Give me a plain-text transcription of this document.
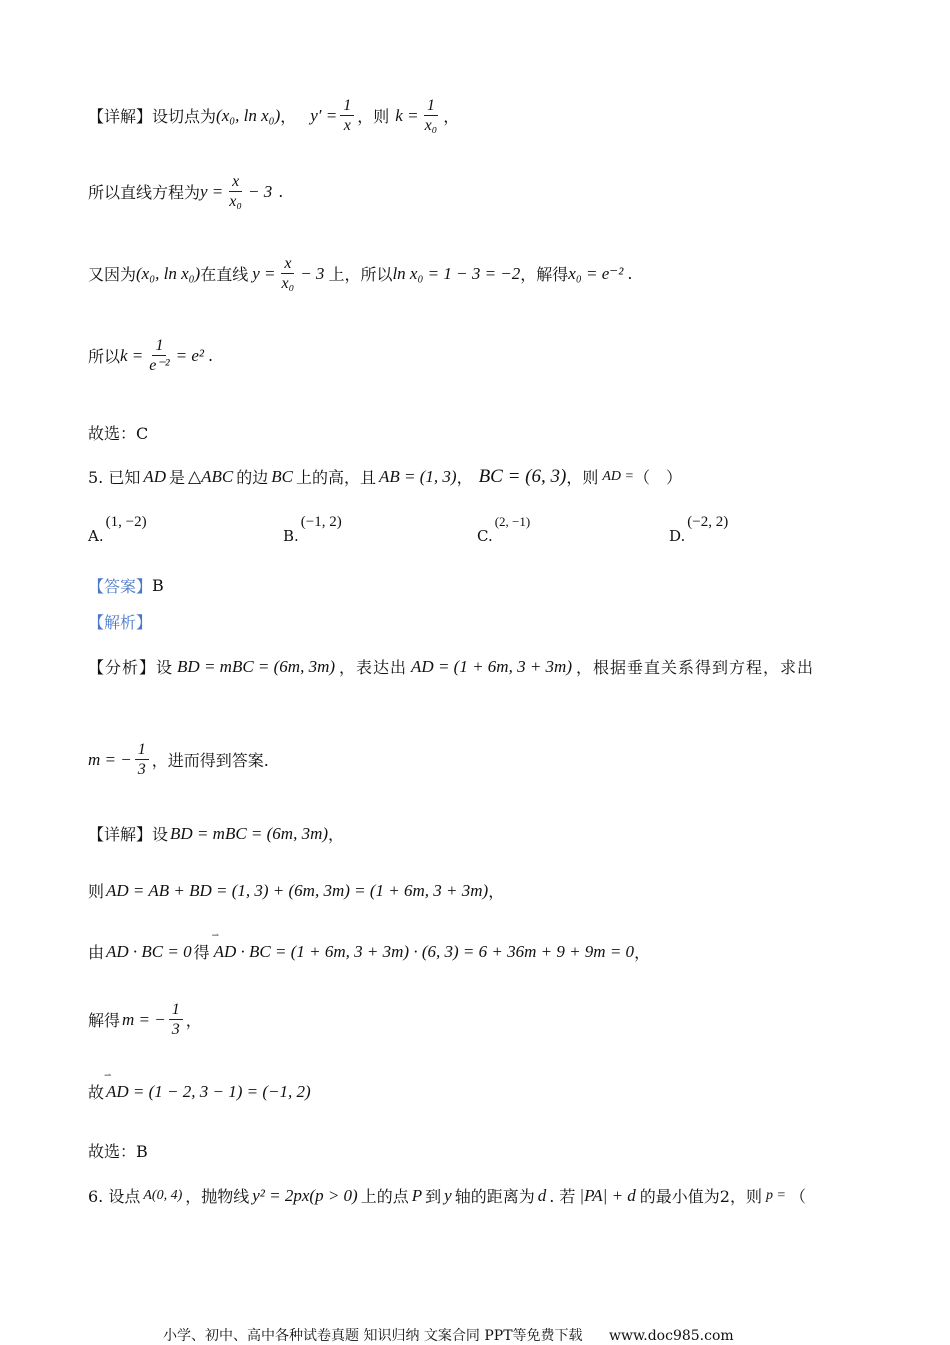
【详解】 设切点为 (x₀, ln x₀) ， $y' = \frac{1}{x}$ ，则 $k = \frac{1}{\text{x₀}}$ ，
所以直线方程为 $y = \frac{x}{\text{x₀}} - 3$ .
又因为 (x₀, ln x₀) 在直线 $y = \frac{x}{\text{x₀}} - 3$ 上，所以 ln x₀ = 1 − 3 = −2 ，解得 x₀ = e⁻² .
所以 $k = \frac{1}{\text{e⁻²}} = e^2$ .
故选：C
5. 已知 AD 是 △ABC 的边 BC 上的高，且 AB = (1, 3) ， BC = (6, 3) ，则 AD = （　）
A.
(1, −2)
B.
(−1, 2)
C.
(2, −1)
D.
(−2, 2)
【答案】 B
【解析】
【分析】 设 BD = mBC = (6m, 3m) ，表达出 AD = (1 + 6m, 3 + 3m) ，根据垂直关系得到方程，求出
m = − $\frac{1}{3}$ ，进而得到答案.
【详解】 设 BD = mBC = (6m, 3m) ，
则 AD = AB + BD = (1, 3) + (6m, 3m) = (1 + 6m, 3 + 3m) ，
由 AD · BC = 0 得 ⇀ AD · BC = (1 + 6m, 3 + 3m) · (6, 3) = 6 + 36m + 9 + 9m = 0 ，
解得 m = − $\frac{1}{3}$ ，
故 ⇀ AD = (1 − 2, 3 − 1) = (−1, 2)
故选：B
6. 设点 A(0, 4) ，抛物线 y² = 2px(p > 0) 上的点 P 到 y 轴的距离为 d . 若 |PA| + d 的最小值为2，则 p = （
小学、初中、高中各种试卷真题 知识归纳 文案合同 PPT等免费下载 www.doc985.com
